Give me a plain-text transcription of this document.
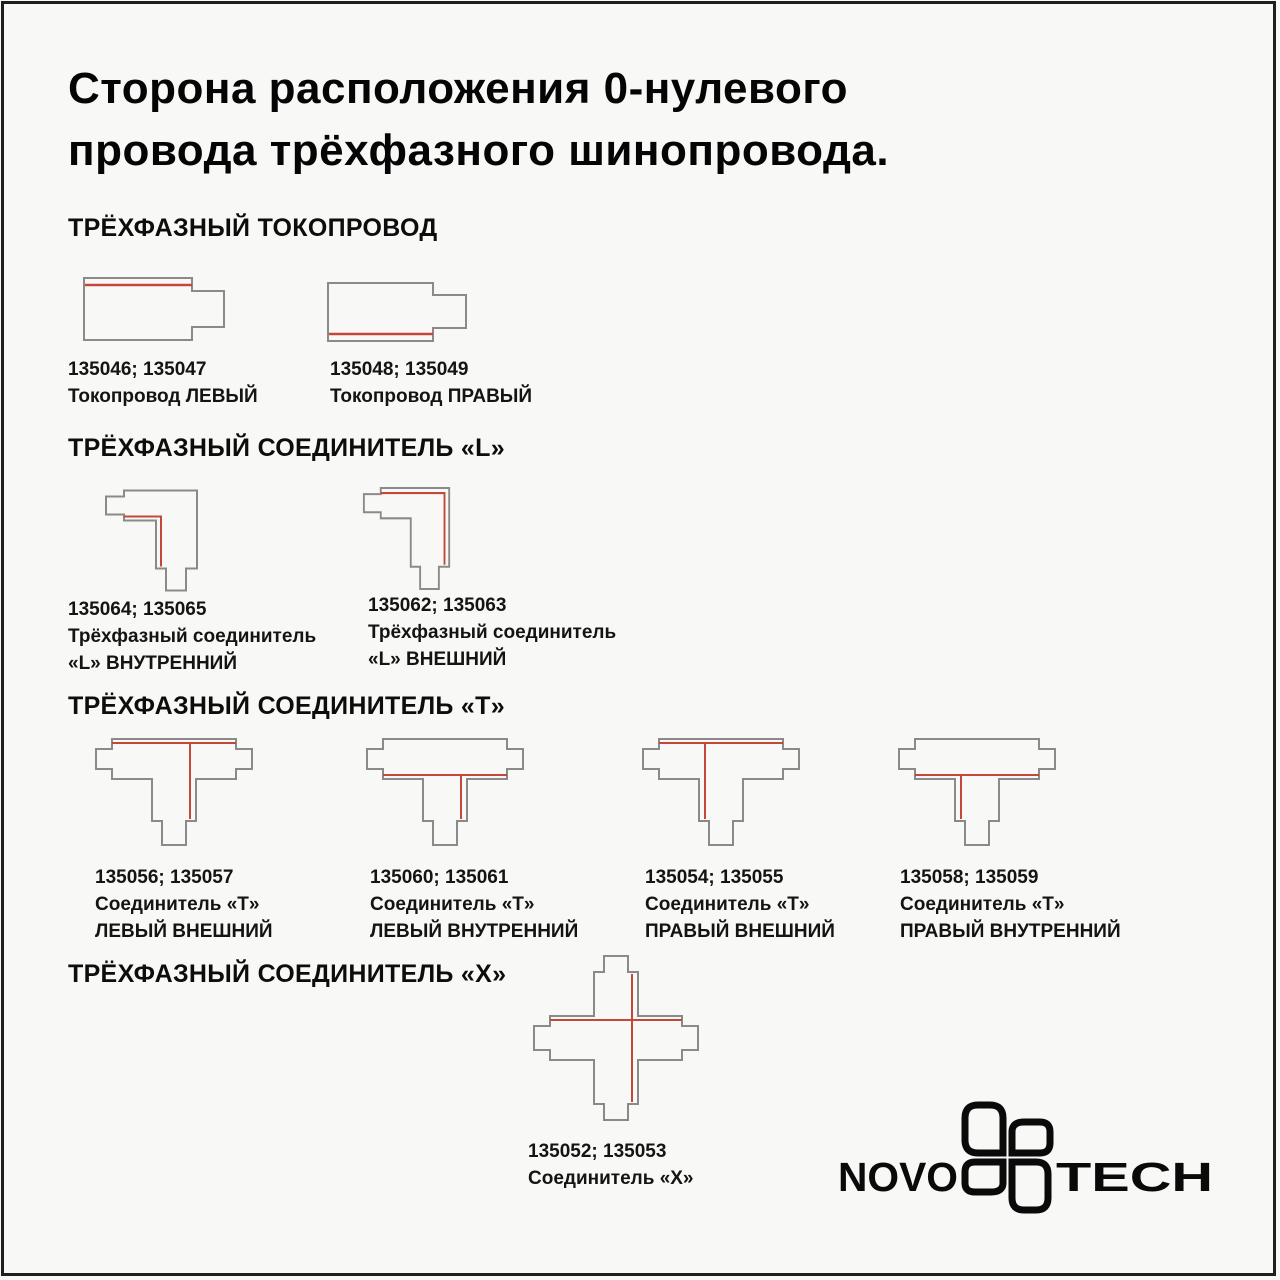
Сторона расположения 0-нулевого
провода трёхфазного шинопровода.
ТРЁХФАЗНЫЙ ТОКОПРОВОД
135046; 135047
Токопровод ЛЕВЫЙ
135048; 135049
Токопровод ПРАВЫЙ
ТРЁХФАЗНЫЙ СОЕДИНИТЕЛЬ «L»
135064; 135065
Трёхфазный соединитель
«L» ВНУТРЕННИЙ
135062; 135063
Трёхфазный соединитель
«L» ВНЕШНИЙ
ТРЁХФАЗНЫЙ СОЕДИНИТЕЛЬ «Т»
135056; 135057
Соединитель «Т»
ЛЕВЫЙ ВНЕШНИЙ
135060; 135061
Соединитель «Т»
ЛЕВЫЙ ВНУТРЕННИЙ
135054; 135055
Соединитель «Т»
ПРАВЫЙ ВНЕШНИЙ
135058; 135059
Соединитель «Т»
ПРАВЫЙ ВНУТРЕННИЙ
ТРЁХФАЗНЫЙ СОЕДИНИТЕЛЬ «Х»
135052; 135053
Соединитель «Х»	NOVO TECH
